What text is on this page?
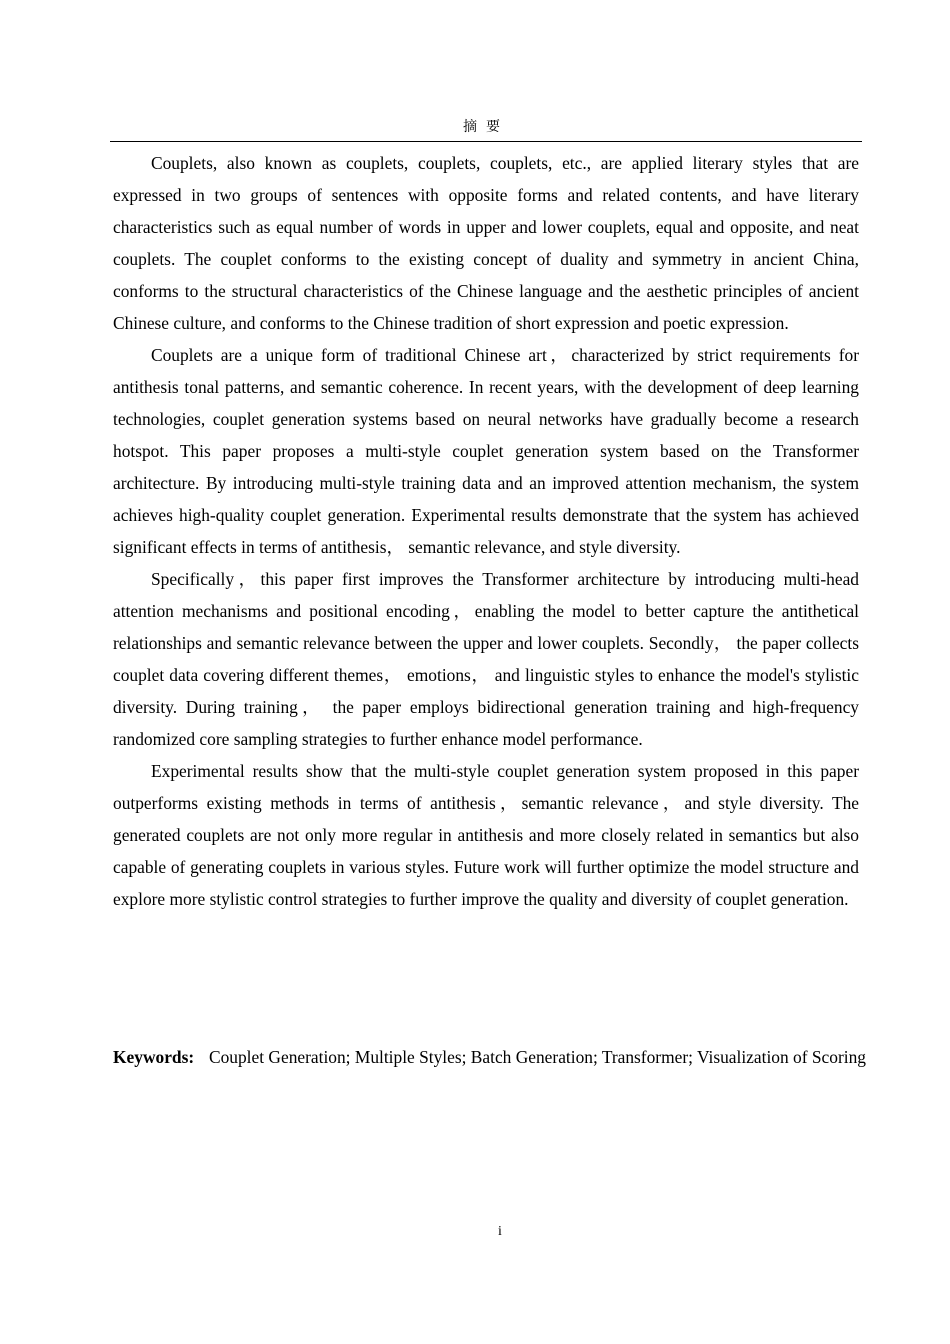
摘要

Couplets, also known as couplets, couplets, couplets, etc., are applied literary styles that are expressed in two groups of sentences with opposite forms and related contents, and have literary characteristics such as equal number of words in upper and lower couplets, equal and opposite, and neat couplets. The couplet conforms to the existing concept of duality and symmetry in ancient China, conforms to the structural characteristics of the Chinese language and the aesthetic principles of ancient Chinese culture, and conforms to the Chinese tradition of short expression and poetic expression.

Couplets are a unique form of traditional Chinese art，characterized by strict requirements for antithesis tonal patterns, and semantic coherence. In recent years, with the development of deep learning technologies, couplet generation systems based on neural networks have gradually become a research hotspot. This paper proposes a multi-style couplet generation system based on the Transformer architecture. By introducing multi-style training data and an improved attention mechanism, the system achieves high-quality couplet generation. Experimental results demonstrate that the system has achieved significant effects in terms of antithesis， semantic relevance, and style diversity.

Specifically，this paper first improves the Transformer architecture by introducing multi-head attention mechanisms and positional encoding，enabling the model to better capture the antithetical relationships and semantic relevance between the upper and lower couplets. Secondly， the paper collects couplet data covering different themes， emotions， and linguistic styles to enhance the model's stylistic diversity. During training， the paper employs bidirectional generation training and high-frequency randomized core sampling strategies to further enhance model performance.

Experimental results show that the multi-style couplet generation system proposed in this paper outperforms existing methods in terms of antithesis，semantic relevance，and style diversity. The generated couplets are not only more regular in antithesis and more closely related in semantics but also capable of generating couplets in various styles. Future work will further optimize the model structure and explore more stylistic control strategies to further improve the quality and diversity of couplet generation.

Keywords: Couplet Generation; Multiple Styles; Batch Generation; Transformer; Visualization of Scoring
i
